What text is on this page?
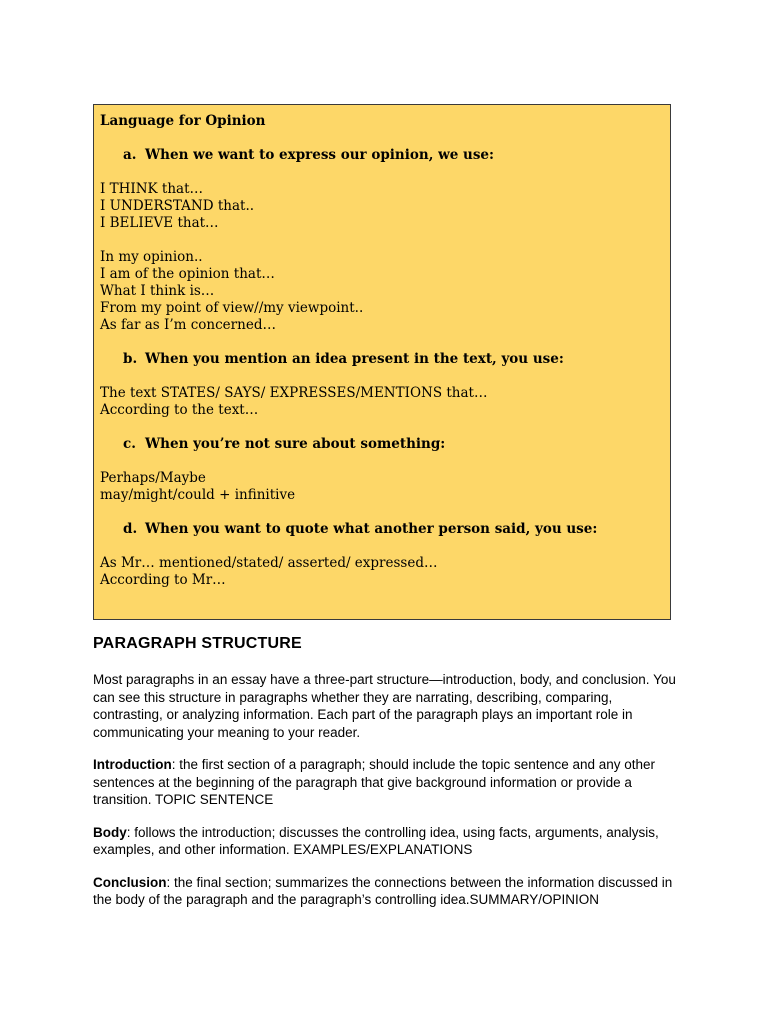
Language for Opinion
a. When we want to express our opinion, we use:
I THINK that…
I UNDERSTAND that..
I BELIEVE that…
In my opinion..
I am of the opinion that…
What I think is…
From my point of view//my viewpoint..
As far as I’m concerned…
b. When you mention an idea present in the text, you use:
The text STATES/ SAYS/ EXPRESSES/MENTIONS that…
According to the text…
c. When you’re not sure about something:
Perhaps/Maybe
may/might/could + infinitive
d. When you want to quote what another person said, you use:
As Mr… mentioned/stated/ asserted/ expressed…
According to Mr…
PARAGRAPH STRUCTURE

Most paragraphs in an essay have a three-part structure—introduction, body, and conclusion. You can see this structure in paragraphs whether they are narrating, describing, comparing, contrasting, or analyzing information. Each part of the paragraph plays an important role in communicating your meaning to your reader.

Introduction: the first section of a paragraph; should include the topic sentence and any other sentences at the beginning of the paragraph that give background information or provide a transition. TOPIC SENTENCE

Body: follows the introduction; discusses the controlling idea, using facts, arguments, analysis, examples, and other information. EXAMPLES/EXPLANATIONS

Conclusion: the final section; summarizes the connections between the information discussed in the body of the paragraph and the paragraph’s controlling idea.SUMMARY/OPINION
